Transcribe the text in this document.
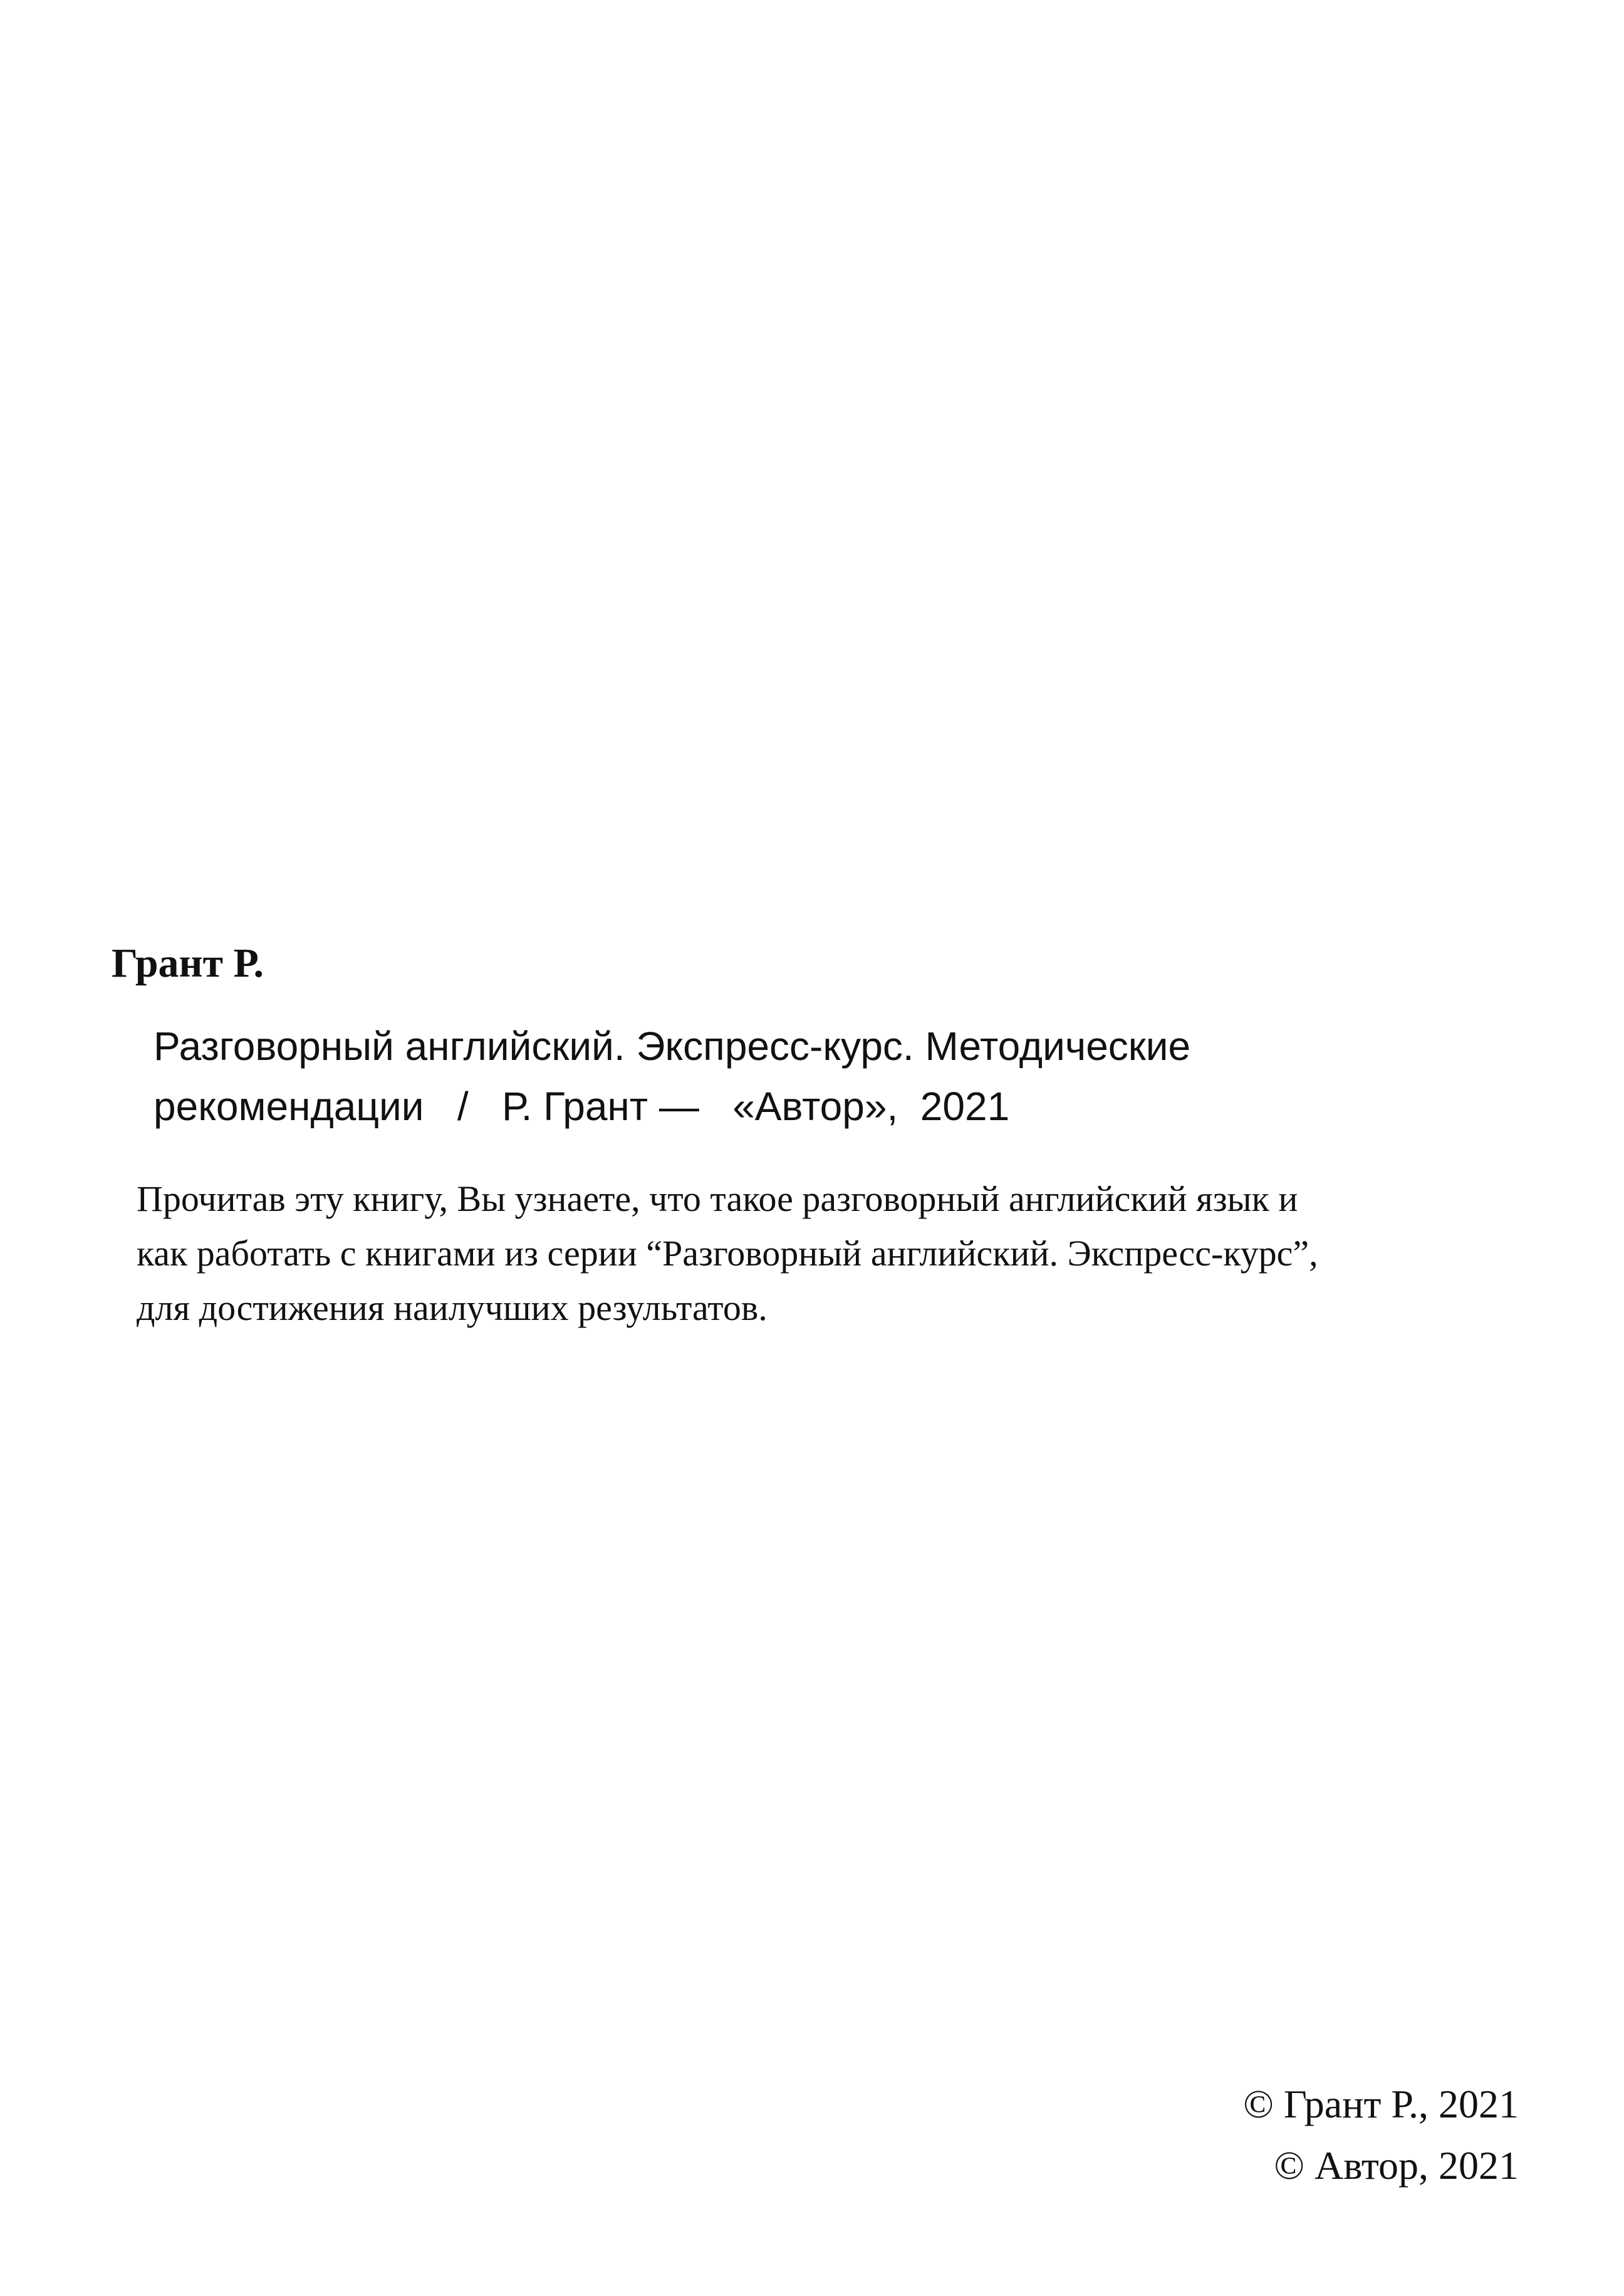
Грант Р.
Разговорный английский. Экспресс-курс. Методические
рекомендации / Р. Грант — «Автор», 2021
Прочитав эту книгу, Вы узнаете, что такое разговорный английский язык и
как работать с книгами из серии “Разговорный английский. Экспресс-курс”,
для достижения наилучших результатов.
© Грант Р., 2021
© Автор, 2021
